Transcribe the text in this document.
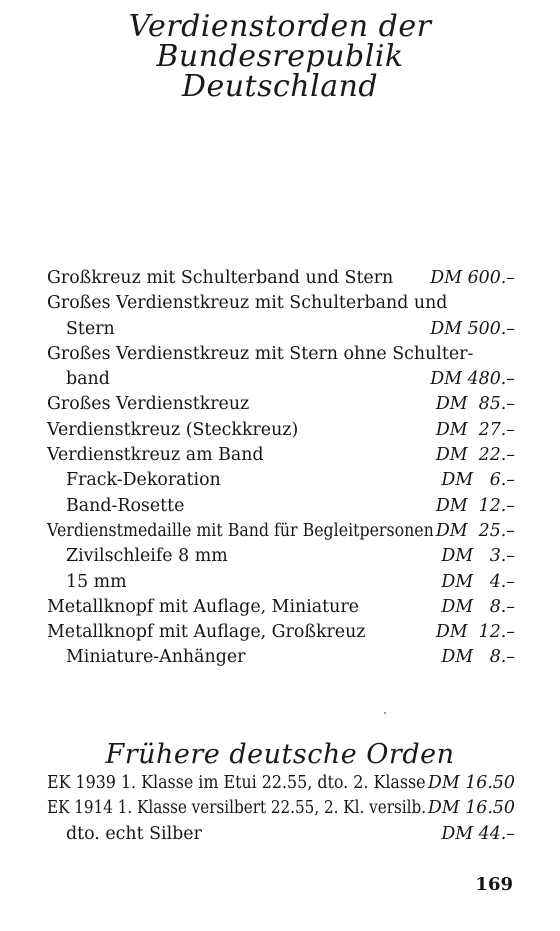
Verdienstorden der
Bundesrepublik
Deutschland
Großkreuz mit Schulterband und Stern DM 600.–
Großes Verdienstkreuz mit Schulterband und
Stern	DM 500.–
Großes Verdienstkreuz mit Stern ohne Schulter-
band	DM 480.–
Großes Verdienstkreuz	DM  85.–
Verdienstkreuz (Steckkreuz)	DM  27.–
Verdienstkreuz am Band	DM  22.–
Frack-Dekoration	DM   6.–
Band-Rosette	DM  12.–
Verdienstmedaille mit Band für Begleitpersonen DM  25.–
Zivilschleife 8 mm	DM   3.–
15 mm	DM   4.–
Metallknopf mit Auflage, Miniature	DM   8.–
Metallknopf mit Auflage, Großkreuz	DM  12.–
Miniature-Anhänger	DM   8.–
Frühere deutsche Orden
EK 1939 1. Klasse im Etui 22.55, dto. 2. Klasse DM 16.50
EK 1914 1. Klasse versilbert 22.55, 2. Kl. versilb. DM 16.50
dto. echt Silber	DM 44.–
169
